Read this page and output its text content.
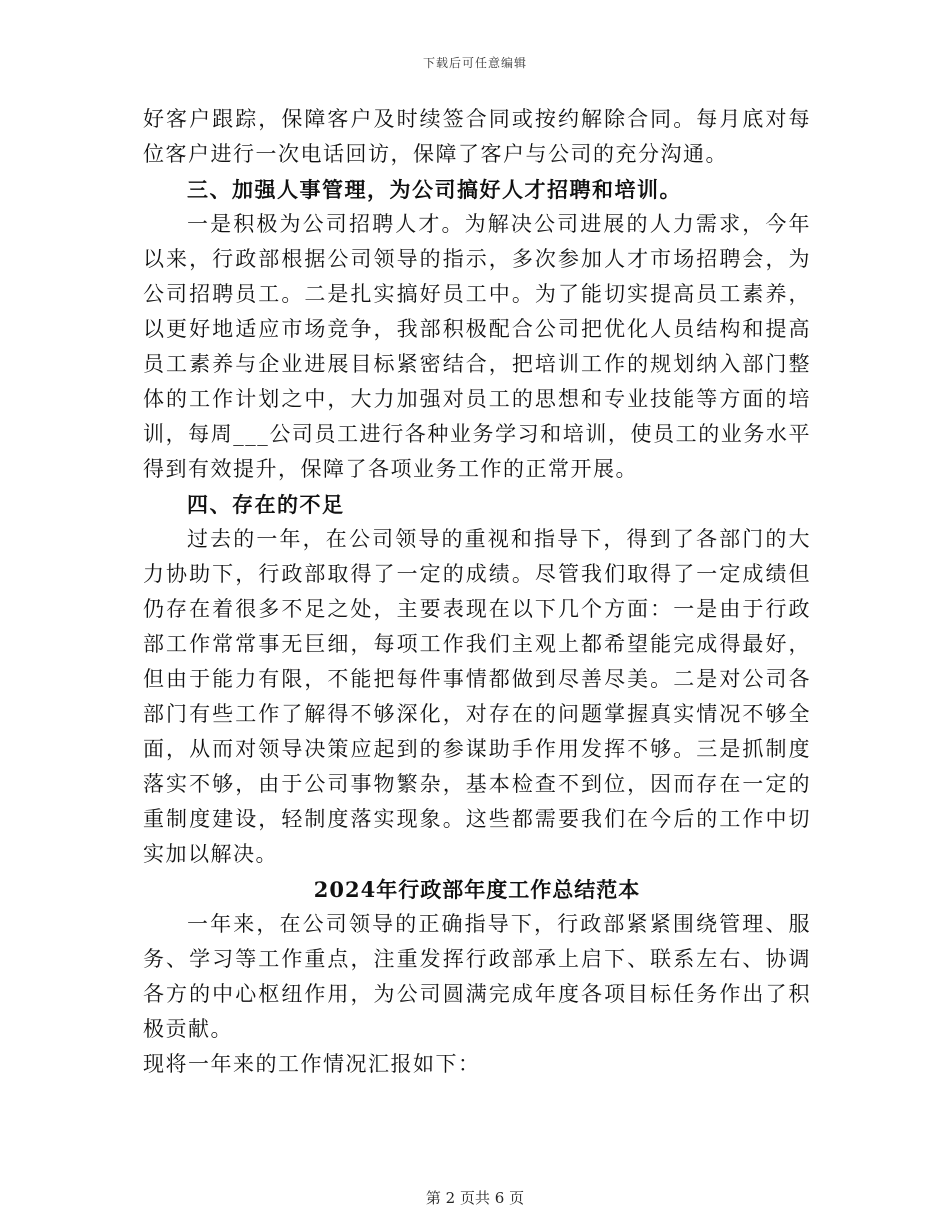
下载后可任意编辑

好客户跟踪，保障客户及时续签合同或按约解除合同。每月底对每位客户进行一次电话回访，保障了客户与公司的充分沟通。

三、加强人事管理，为公司搞好人才招聘和培训。

一是积极为公司招聘人才。为解决公司进展的人力需求，今年以来，行政部根据公司领导的指示，多次参加人才市场招聘会，为公司招聘员工。二是扎实搞好员工中。为了能切实提高员工素养，以更好地适应市场竞争，我部积极配合公司把优化人员结构和提高员工素养与企业进展目标紧密结合，把培训工作的规划纳入部门整体的工作计划之中，大力加强对员工的思想和专业技能等方面的培训，每周___公司员工进行各种业务学习和培训，使员工的业务水平得到有效提升，保障了各项业务工作的正常开展。

四、存在的不足

过去的一年，在公司领导的重视和指导下，得到了各部门的大力协助下，行政部取得了一定的成绩。尽管我们取得了一定成绩但仍存在着很多不足之处，主要表现在以下几个方面：一是由于行政部工作常常事无巨细，每项工作我们主观上都希望能完成得最好，但由于能力有限，不能把每件事情都做到尽善尽美。二是对公司各部门有些工作了解得不够深化，对存在的问题掌握真实情况不够全面，从而对领导决策应起到的参谋助手作用发挥不够。三是抓制度落实不够，由于公司事物繁杂，基本检查不到位，因而存在一定的重制度建设，轻制度落实现象。这些都需要我们在今后的工作中切实加以解决。

2024年行政部年度工作总结范本

一年来，在公司领导的正确指导下，行政部紧紧围绕管理、服务、学习等工作重点，注重发挥行政部承上启下、联系左右、协调各方的中心枢纽作用，为公司圆满完成年度各项目标任务作出了积极贡献。

现将一年来的工作情况汇报如下：

第 2 页共 6 页
